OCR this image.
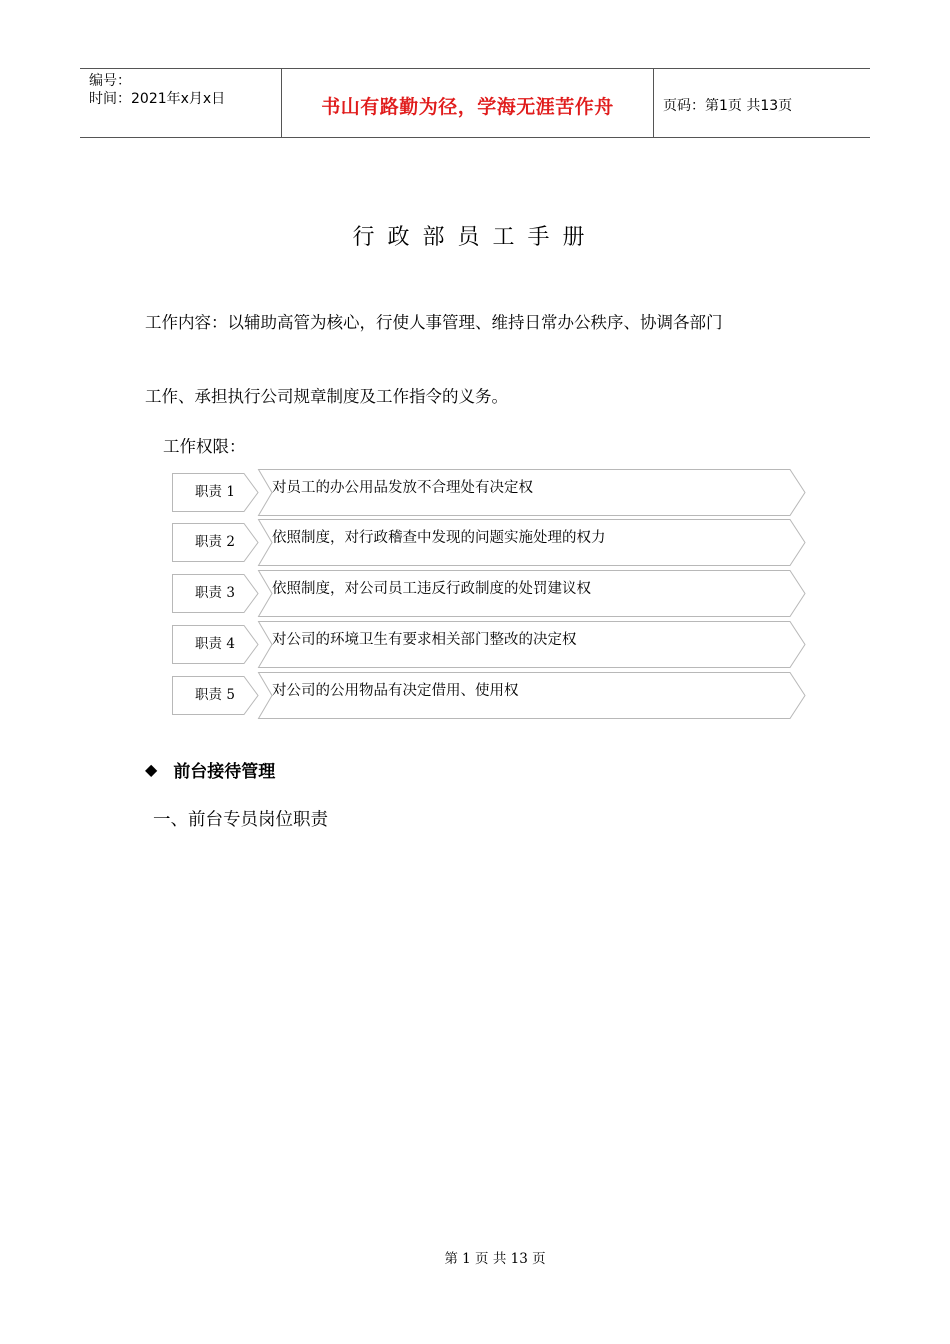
编号：
时间：2021年x月x日	书山有路勤为径，学海无涯苦作舟	页码：第1页 共13页
行政部员工手册
工作内容：以辅助高管为核心，行使人事管理、维持日常办公秩序、协调各部门
工作、承担执行公司规章制度及工作指令的义务。
工作权限：
职责 1	对员工的办公用品发放不合理处有决定权
职责 2	依照制度，对行政稽查中发现的问题实施处理的权力
职责 3	依照制度，对公司员工违反行政制度的处罚建议权
职责 4	对公司的环境卫生有要求相关部门整改的决定权
职责 5	对公司的公用物品有决定借用、使用权
◆ 前台接待管理
一、前台专员岗位职责
第 1 页 共 13 页
